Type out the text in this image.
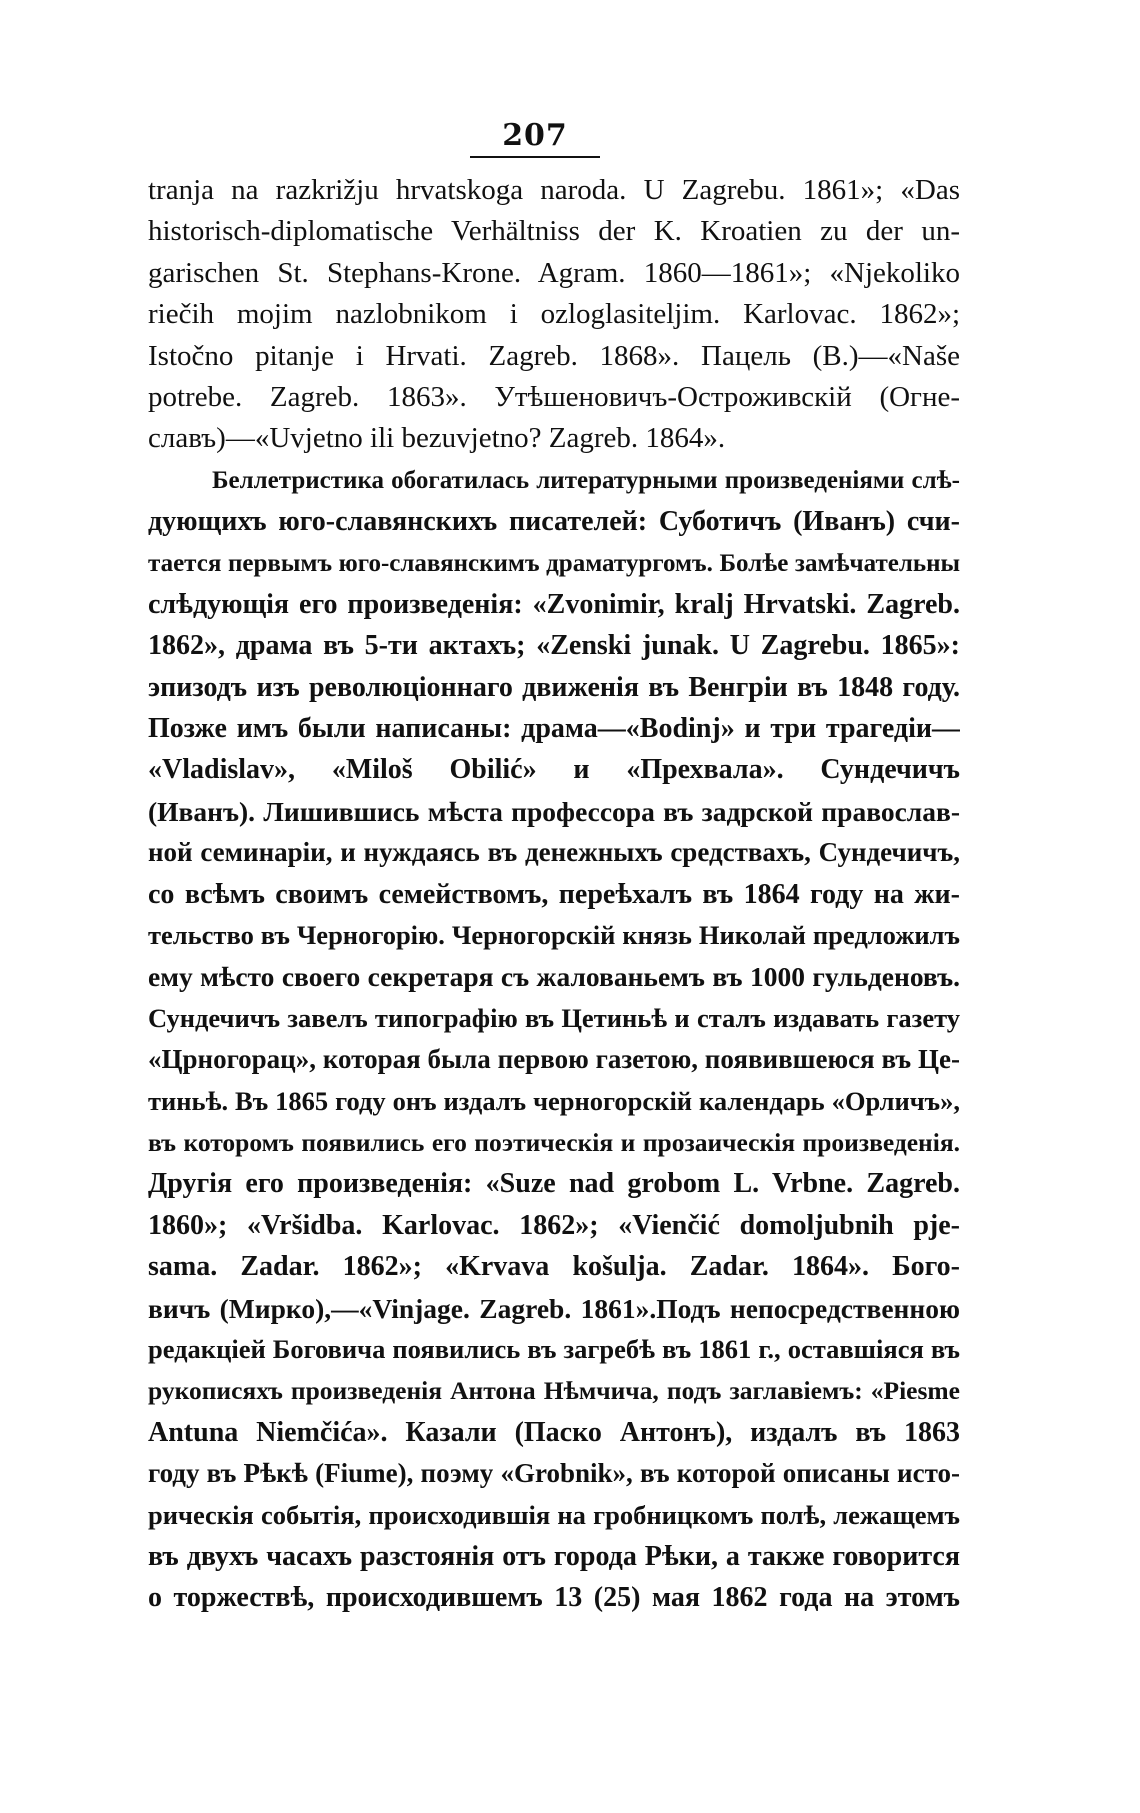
207
tranja na razkrižju hrvatskoga naroda. U Zagrebu. 1861»; «Das
historisch-diplomatische Verhältniss der K. Kroatien zu der un-
garischen St. Stephans-Krone. Agram. 1860—1861»; «Njekoliko
riečih mojim nazlobnikom i ozloglasiteljim. Karlovac. 1862»;
Istočno pitanje i Hrvati. Zagreb. 1868». Пацель (В.)—«Naše
potrebe. Zagreb. 1863». Утѣшеновичъ-Остроживскій (Огне-
славъ)—«Uvjetno ili bezuvjetno? Zagreb. 1864».
Беллетристика обогатилась литературными произведеніями слѣ-
дующихъ юго-славянскихъ писателей: Суботичъ (Иванъ) счи-
тается первымъ юго-славянскимъ драматургомъ. Болѣе замѣчательны
слѣдующія его произведенія: «Zvonimir, kralj Hrvatski. Zagreb.
1862», драма въ 5-ти актахъ; «Zenski junak. U Zagrebu. 1865»:
эпизодъ изъ революціоннаго движенія въ Венгріи въ 1848 году.
Позже имъ были написаны: драма—«Bodinj» и три трагедіи—
«Vladislav», «Miloš Obilić» и «Прехвала». Сундечичъ
(Иванъ). Лишившись мѣста профессора въ задрской православ-
ной семинаріи, и нуждаясь въ денежныхъ средствахъ, Сундечичъ,
со всѣмъ своимъ семействомъ, переѣхалъ въ 1864 году на жи-
тельство въ Черногорію. Черногорскій князь Николай предложилъ
ему мѣсто своего секретаря съ жалованьемъ въ 1000 гульденовъ.
Сундечичъ завелъ типографію въ Цетиньѣ и сталъ издавать газету
«Црногорац», которая была первою газетою, появившеюся въ Це-
тиньѣ. Въ 1865 году онъ издалъ черногорскій календарь «Орличъ»,
въ которомъ появились его поэтическія и прозаическія произведенія.
Другія его произведенія: «Suze nad grobom L. Vrbne. Zagreb.
1860»; «Vršidba. Karlovac. 1862»; «Vienčić domoljubnih pje-
sama. Zadar. 1862»; «Krvava košulja. Zadar. 1864». Бого-
вичъ (Мирко),—«Vinjage. Zagreb. 1861».Подъ непосредственною
редакціей Боговича появились въ загребѣ въ 1861 г., оставшіяся въ
рукописяхъ произведенія Антона Нѣмчича, подъ заглавіемъ: «Piesme
Antuna Niemčića». Казали (Паско Антонъ), издалъ въ 1863
году въ Рѣкѣ (Fiume), поэму «Grobnik», въ которой описаны исто-
рическія событія, происходившія на гробницкомъ полѣ, лежащемъ
въ двухъ часахъ разстоянія отъ города Рѣки, а также говорится
о торжествѣ, происходившемъ 13 (25) мая 1862 года на этомъ
